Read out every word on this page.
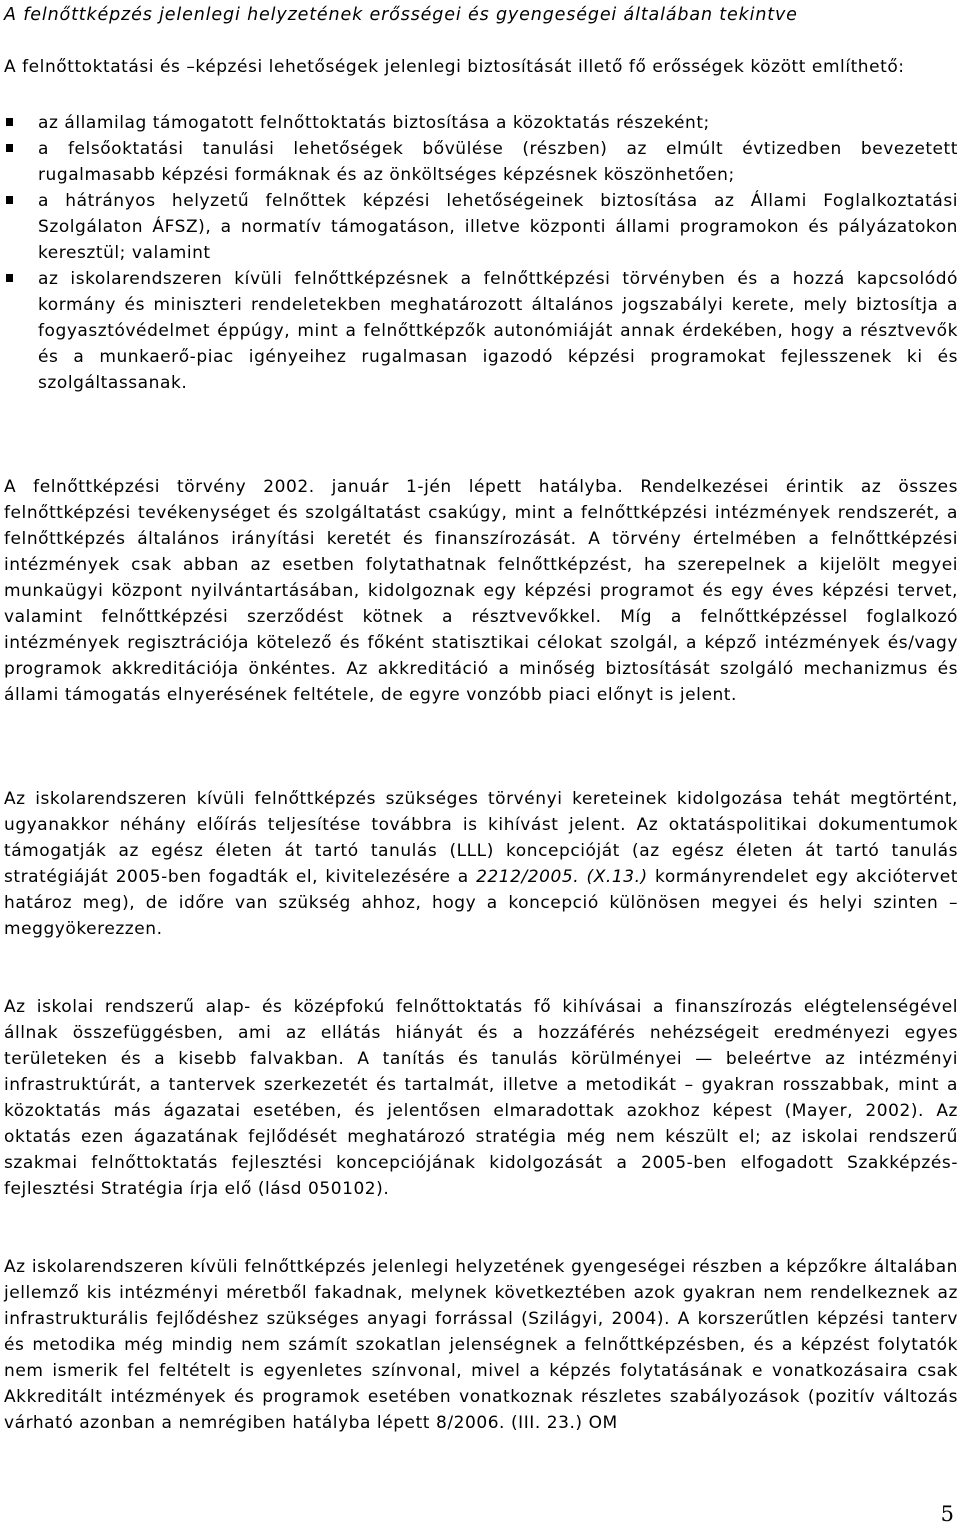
A felnőttképzés jelenlegi helyzetének erősségei és gyengeségei általában tekintve

A felnőttoktatási és –képzési lehetőségek jelenlegi biztosítását illető fő erősségek között említhető:

az államilag támogatott felnőttoktatás biztosítása a közoktatás részeként;
a felsőoktatási tanulási lehetőségek bővülése (részben) az elmúlt évtizedben bevezetett rugalmasabb képzési formáknak és az önköltséges képzésnek köszönhetően;
a hátrányos helyzetű felnőttek képzési lehetőségeinek biztosítása az Állami Foglalkoztatási Szolgálaton ÁFSZ), a normatív támogatáson, illetve központi állami programokon és pályázatokon keresztül; valamint
az iskolarendszeren kívüli felnőttképzésnek a felnőttképzési törvényben és a hozzá kapcsolódó kormány és miniszteri rendeletekben meghatározott általános jogszabályi kerete, mely biztosítja a fogyasztóvédelmet éppúgy, mint a felnőttképzők autonómiáját annak érdekében, hogy a résztvevők és a munkaerő-piac igényeihez rugalmasan igazodó képzési programokat fejlesszenek ki és szolgáltassanak.

A felnőttképzési törvény 2002. január 1-jén lépett hatályba. Rendelkezései érintik az összes felnőttképzési tevékenységet és szolgáltatást csakúgy, mint a felnőttképzési intézmények rendszerét, a felnőttképzés általános irányítási keretét és finanszírozását. A törvény értelmében a felnőttképzési intézmények csak abban az esetben folytathatnak felnőttképzést, ha szerepelnek a kijelölt megyei munkaügyi központ nyilvántartásában, kidolgoznak egy képzési programot és egy éves képzési tervet, valamint felnőttképzési szerződést kötnek a résztvevőkkel. Míg a felnőttképzéssel foglalkozó intézmények regisztrációja kötelező és főként statisztikai célokat szolgál, a képző intézmények és/vagy programok akkreditációja önkéntes. Az akkreditáció a minőség biztosítását szolgáló mechanizmus és állami támogatás elnyerésének feltétele, de egyre vonzóbb piaci előnyt is jelent.

Az iskolarendszeren kívüli felnőttképzés szükséges törvényi kereteinek kidolgozása tehát megtörtént, ugyanakkor néhány előírás teljesítése továbbra is kihívást jelent. Az oktatáspolitikai dokumentumok támogatják az egész életen át tartó tanulás (LLL) koncepcióját (az egész életen át tartó tanulás stratégiáját 2005-ben fogadták el, kivitelezésére a 2212/2005. (X.13.) kormányrendelet egy akciótervet határoz meg), de időre van szükség ahhoz, hogy a koncepció különösen megyei és helyi szinten – meggyökerezzen.

Az iskolai rendszerű alap- és középfokú felnőttoktatás fő kihívásai a finanszírozás elégtelenségével állnak összefüggésben, ami az ellátás hiányát és a hozzáférés nehézségeit eredményezi egyes területeken és a kisebb falvakban. A tanítás és tanulás körülményei — beleértve az intézményi infrastruktúrát, a tantervek szerkezetét és tartalmát, illetve a metodikát – gyakran rosszabbak, mint a közoktatás más ágazatai esetében, és jelentősen elmaradottak azokhoz képest (Mayer, 2002). Az oktatás ezen ágazatának fejlődését meghatározó stratégia még nem készült el; az iskolai rendszerű szakmai felnőttoktatás fejlesztési koncepciójának kidolgozását a 2005-ben elfogadott Szakképzés-fejlesztési Stratégia írja elő (lásd 050102).

Az iskolarendszeren kívüli felnőttképzés jelenlegi helyzetének gyengeségei részben a képzőkre általában jellemző kis intézményi méretből fakadnak, melynek következtében azok gyakran nem rendelkeznek az infrastrukturális fejlődéshez szükséges anyagi forrással (Szilágyi, 2004). A korszerűtlen képzési tanterv és metodika még mindig nem számít szokatlan jelenségnek a felnőttképzésben, és a képzést folytatók nem ismerik fel feltételt is egyenletes színvonal, mivel a képzés folytatásának e vonatkozásaira csak Akkreditált intézmények és programok esetében vonatkoznak részletes szabályozások (pozitív változás várható azonban a nemrégiben hatályba lépett 8/2006. (III. 23.) OM

5
